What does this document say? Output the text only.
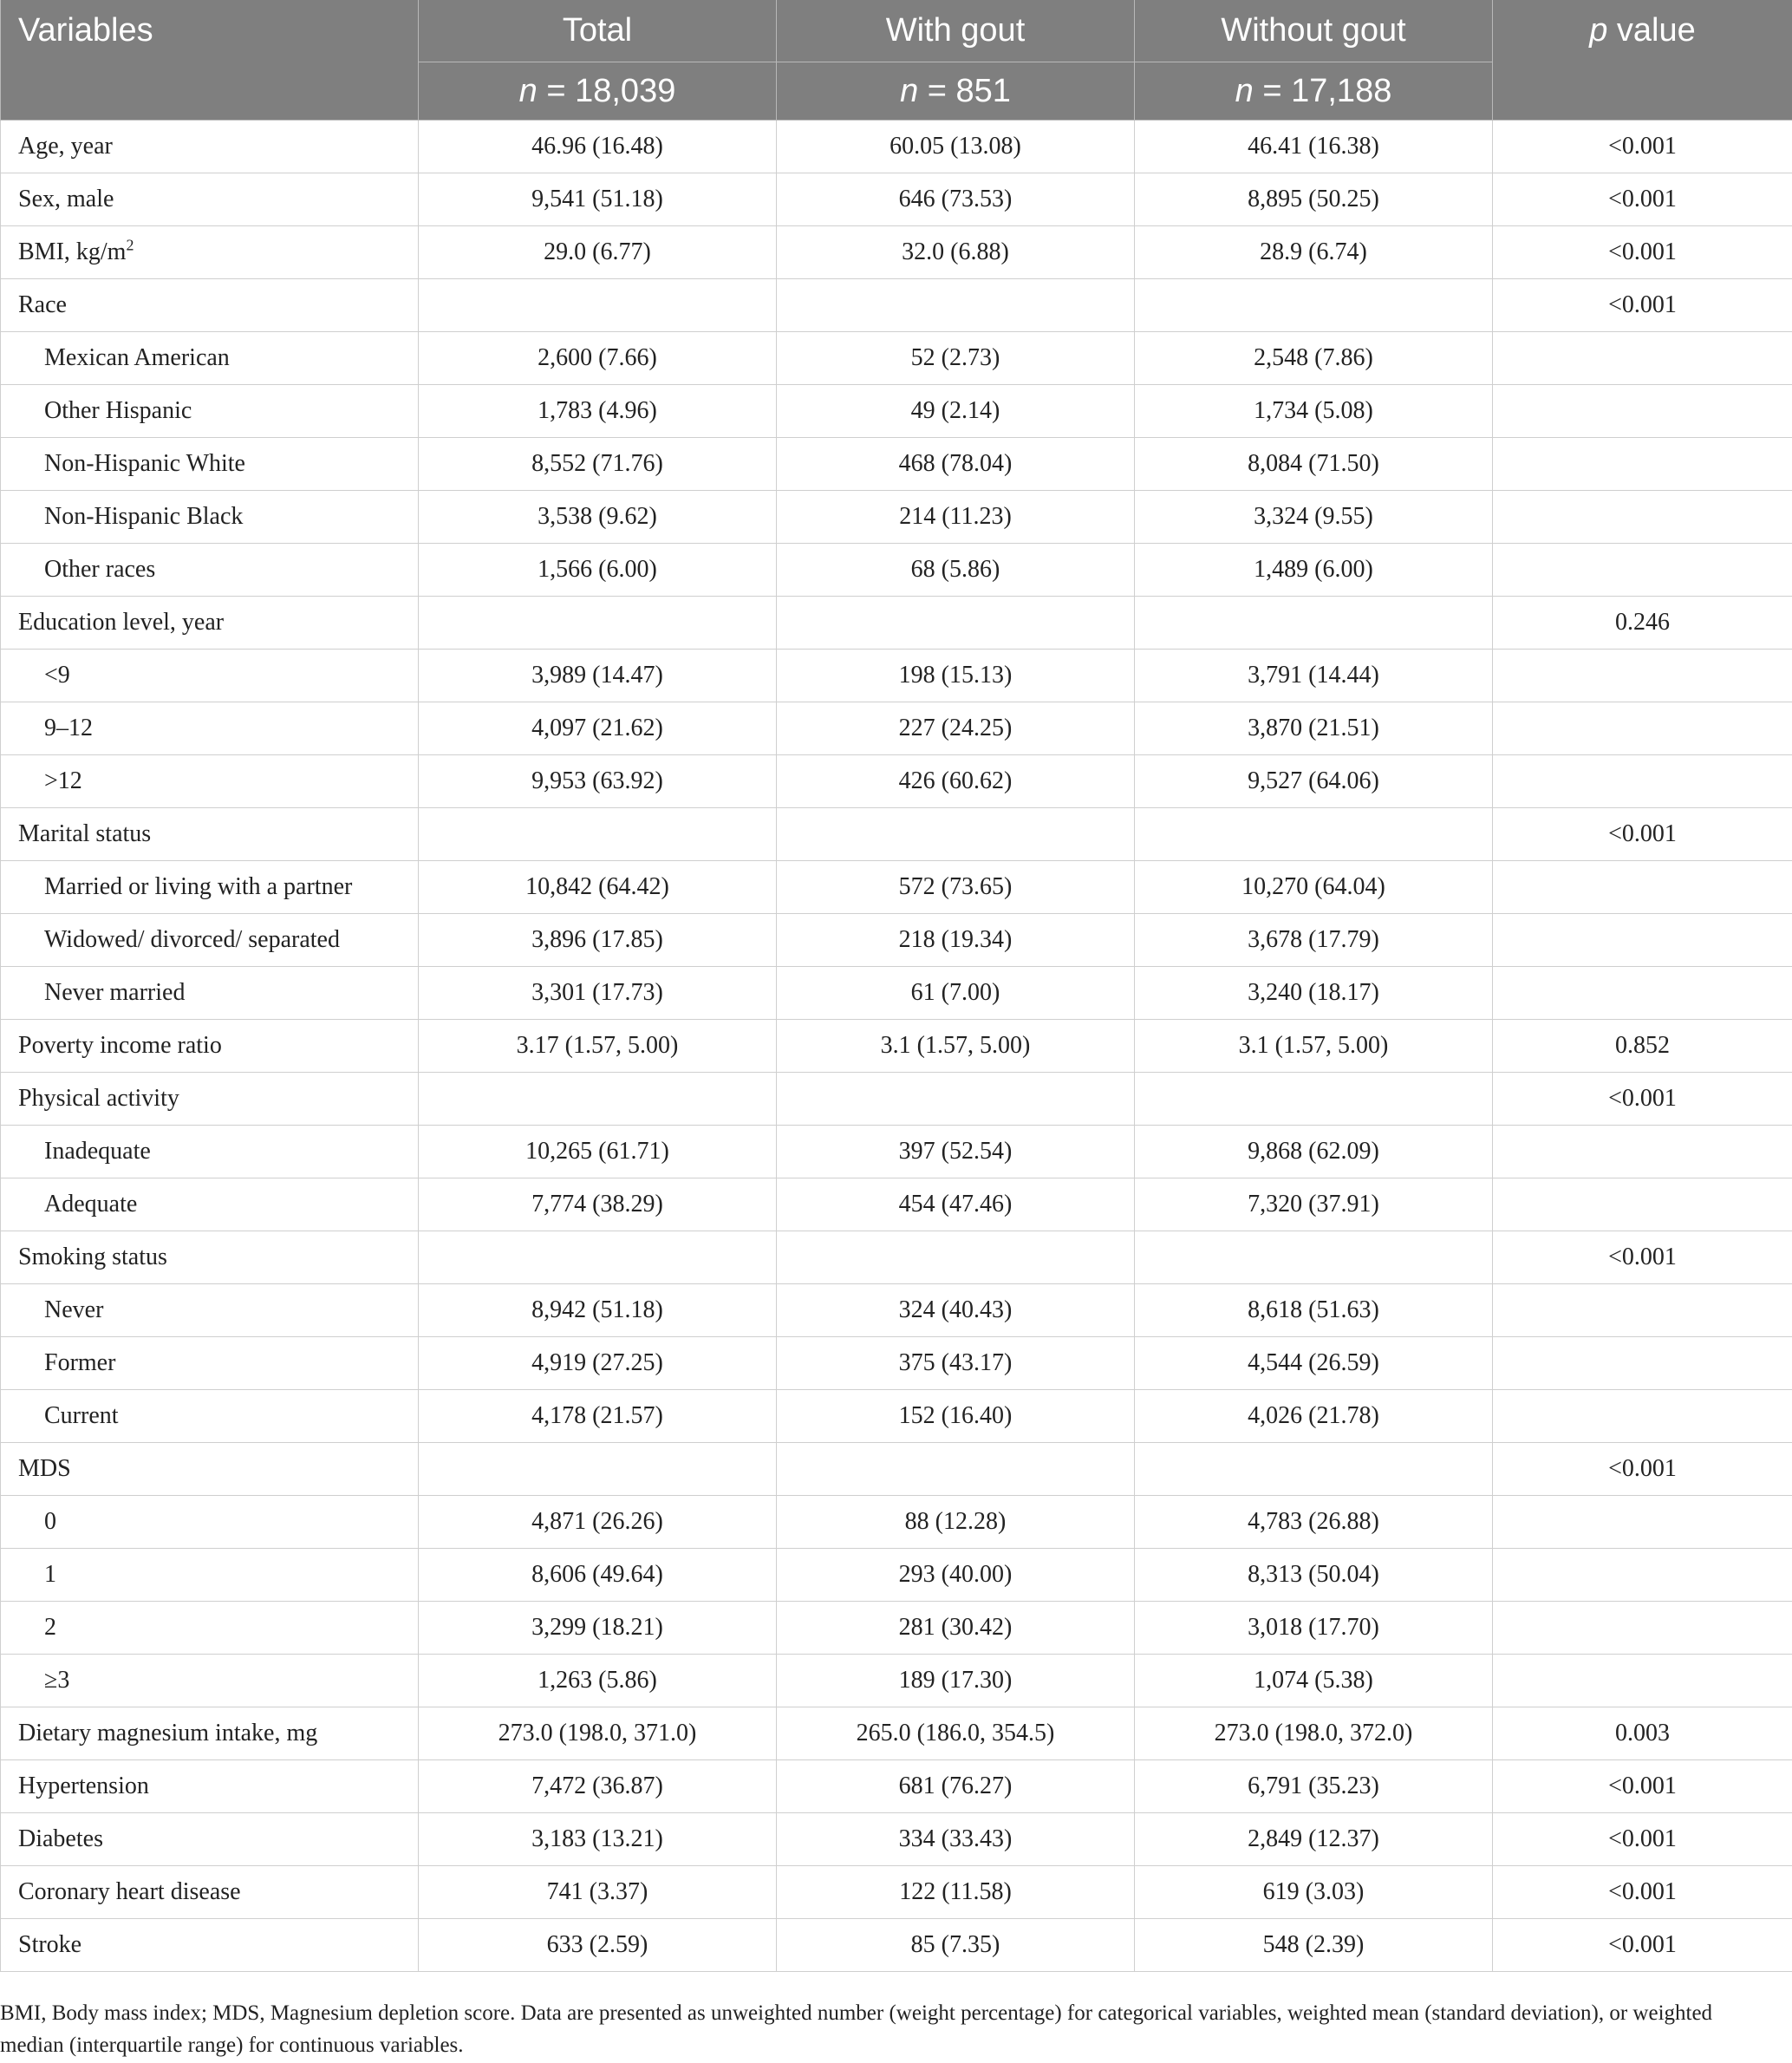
Variables	Total	With gout	Without gout	p value
	n = 18,039	n = 851	n = 17,188	
Age, year	46.96 (16.48)	60.05 (13.08)	46.41 (16.38)	<0.001
Sex, male	9,541 (51.18)	646 (73.53)	8,895 (50.25)	<0.001
BMI, $kg/m^2$	29.0 (6.77)	32.0 (6.88)	28.9 (6.74)	<0.001
Race				<0.001
Mexican American	2,600 (7.66)	52 (2.73)	2,548 (7.86)	
Other Hispanic	1,783 (4.96)	49 (2.14)	1,734 (5.08)	
Non-Hispanic White	8,552 (71.76)	468 (78.04)	8,084 (71.50)	
Non-Hispanic Black	3,538 (9.62)	214 (11.23)	3,324 (9.55)	
Other races	1,566 (6.00)	68 (5.86)	1,489 (6.00)	
Education level, year				0.246
<9	3,989 (14.47)	198 (15.13)	3,791 (14.44)	
9–12	4,097 (21.62)	227 (24.25)	3,870 (21.51)	
>12	9,953 (63.92)	426 (60.62)	9,527 (64.06)	
Marital status				<0.001
Married or living with a partner	10,842 (64.42)	572 (73.65)	10,270 (64.04)	
Widowed/ divorced/ separated	3,896 (17.85)	218 (19.34)	3,678 (17.79)	
Never married	3,301 (17.73)	61 (7.00)	3,240 (18.17)	
Poverty income ratio	3.17 (1.57, 5.00)	3.1 (1.57, 5.00)	3.1 (1.57, 5.00)	0.852
Physical activity				<0.001
Inadequate	10,265 (61.71)	397 (52.54)	9,868 (62.09)	
Adequate	7,774 (38.29)	454 (47.46)	7,320 (37.91)	
Smoking status				<0.001
Never	8,942 (51.18)	324 (40.43)	8,618 (51.63)	
Former	4,919 (27.25)	375 (43.17)	4,544 (26.59)	
Current	4,178 (21.57)	152 (16.40)	4,026 (21.78)	
MDS				<0.001
0	4,871 (26.26)	88 (12.28)	4,783 (26.88)	
1	8,606 (49.64)	293 (40.00)	8,313 (50.04)	
2	3,299 (18.21)	281 (30.42)	3,018 (17.70)	
≥3	1,263 (5.86)	189 (17.30)	1,074 (5.38)	
Dietary magnesium intake, mg	273.0 (198.0, 371.0)	265.0 (186.0, 354.5)	273.0 (198.0, 372.0)	0.003
Hypertension	7,472 (36.87)	681 (76.27)	6,791 (35.23)	<0.001
Diabetes	3,183 (13.21)	334 (33.43)	2,849 (12.37)	<0.001
Coronary heart disease	741 (3.37)	122 (11.58)	619 (3.03)	<0.001
Stroke	633 (2.59)	85 (7.35)	548 (2.39)	<0.001
BMI, Body mass index; MDS, Magnesium depletion score. Data are presented as unweighted number (weight percentage) for categorical variables, weighted mean (standard deviation), or weighted median (interquartile range) for continuous variables.
